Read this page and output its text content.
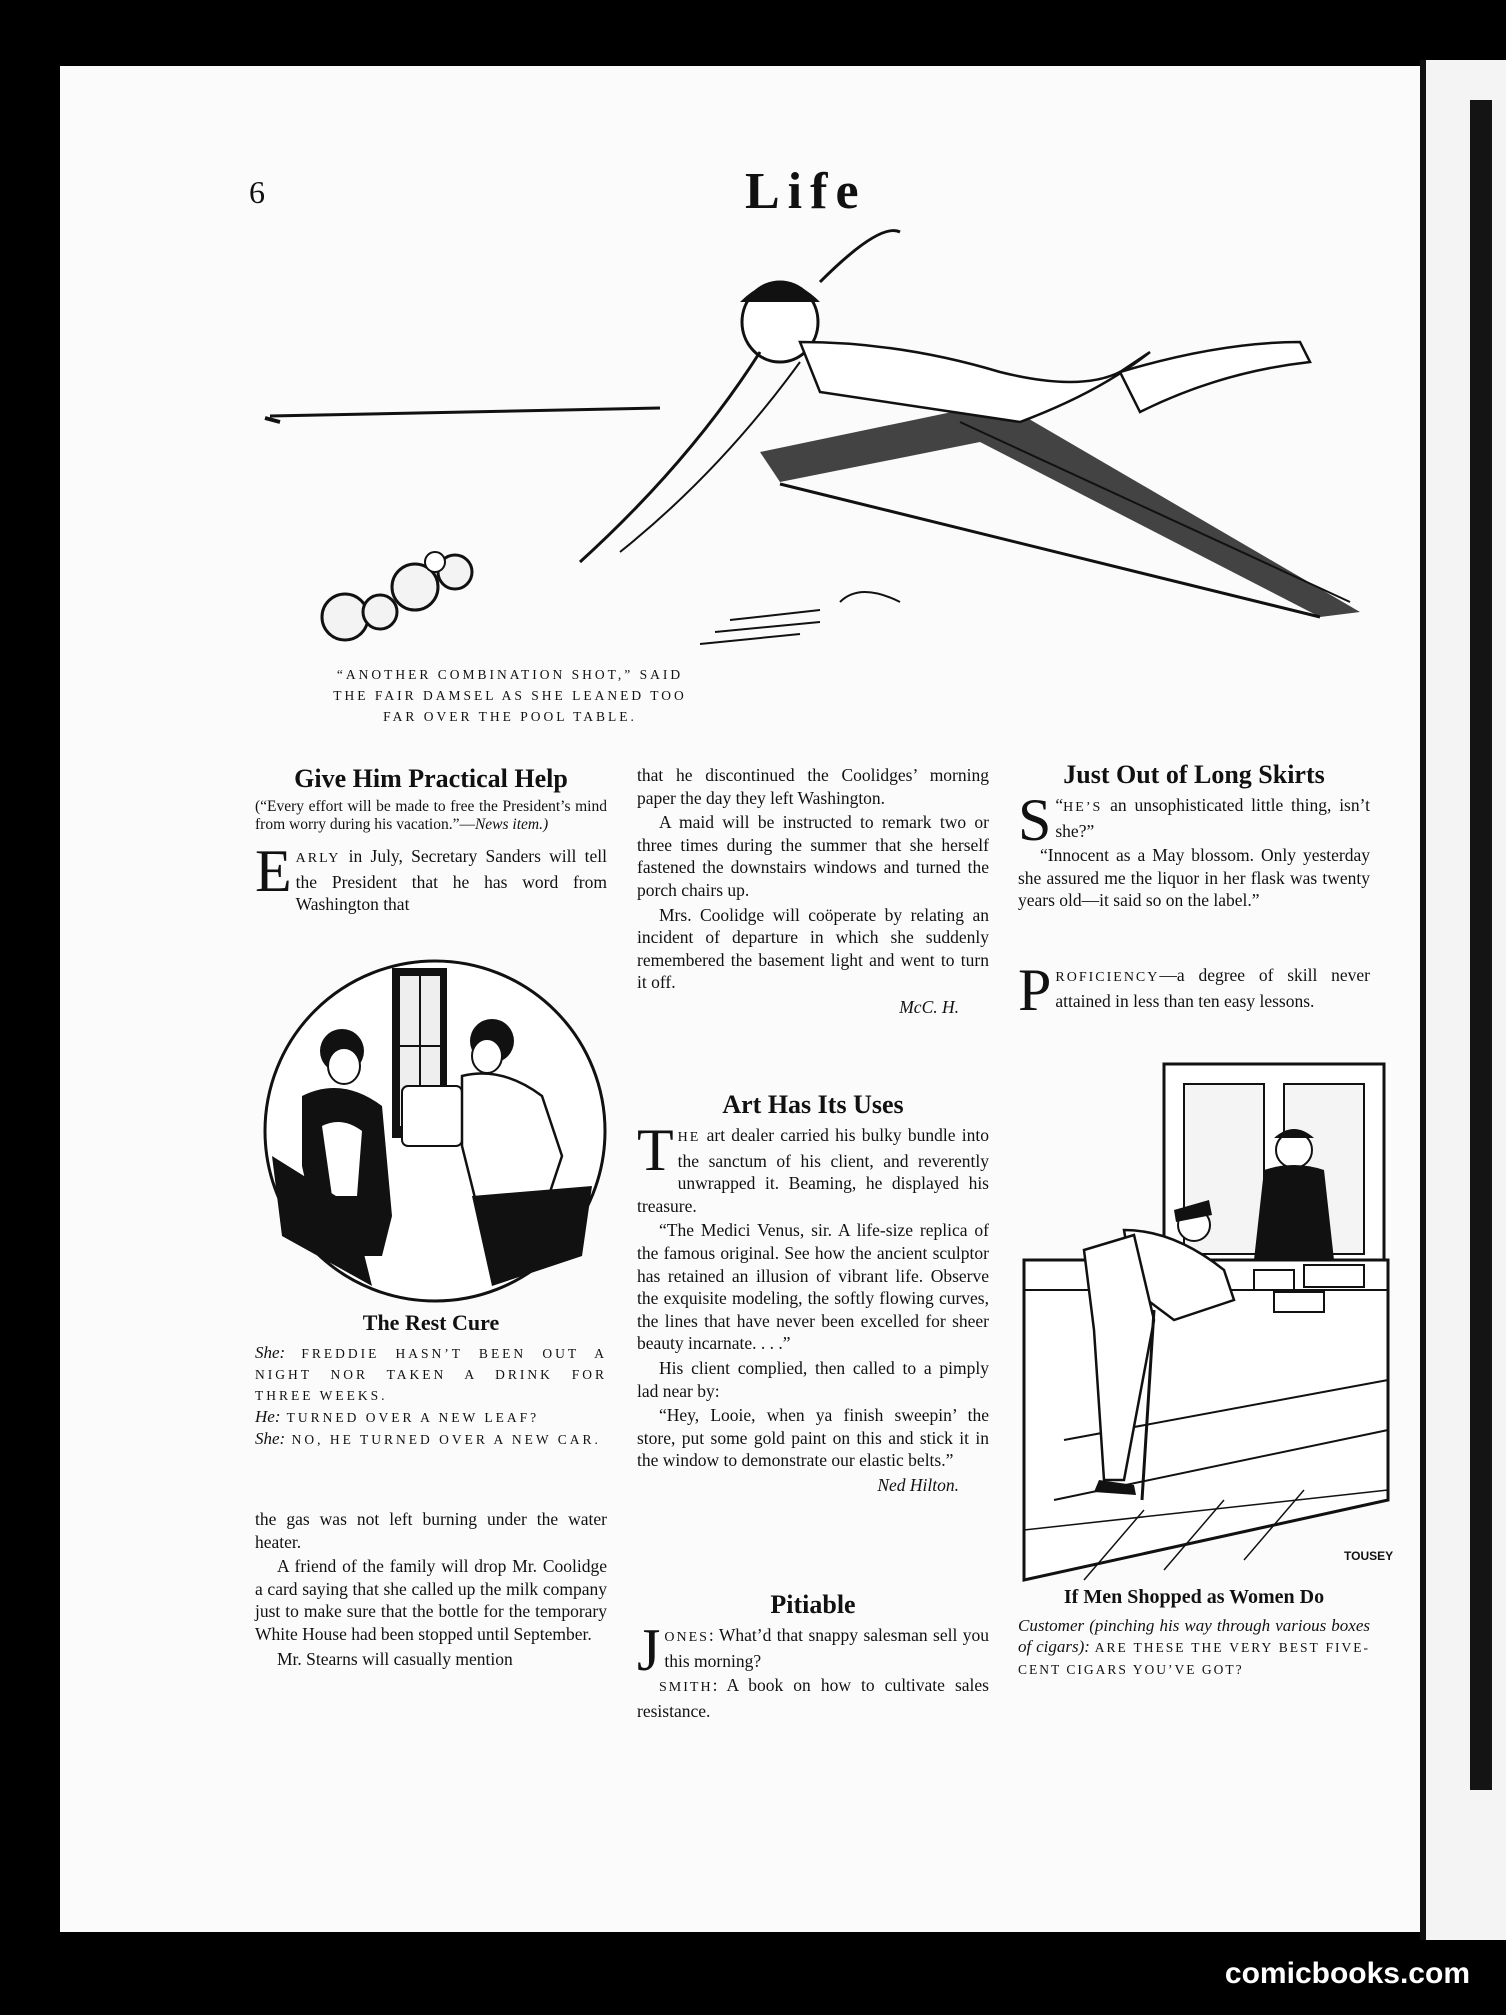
6	Life
“ANOTHER COMBINATION SHOT,” SAID
THE FAIR DAMSEL AS SHE LEANED TOO
FAR OVER THE POOL TABLE.
Give Him Practical Help
(“Every effort will be made to free the President’s mind from worry during his vacation.”—News item.)

EARLY in July, Secretary Sanders will tell the President that he has word from Washington that

The Rest Cure
She: FREDDIE HASN’T BEEN OUT A NIGHT NOR TAKEN A DRINK FOR THREE WEEKS.
He: TURNED OVER A NEW LEAF?
She: NO, HE TURNED OVER A NEW CAR.

the gas was not left burning under the water heater.

A friend of the family will drop Mr. Coolidge a card saying that she called up the milk company just to make sure that the bottle for the temporary White House had been stopped until September.

Mr. Stearns will casually mention

that he discontinued the Coolidges’ morning paper the day they left Washington.

A maid will be instructed to remark two or three times during the summer that she herself fastened the downstairs windows and turned the porch chairs up.

Mrs. Coolidge will coöperate by relating an incident of departure in which she suddenly remembered the basement light and went to turn it off.

McC. H.
Art Has Its Uses

THE art dealer carried his bulky bundle into the sanctum of his client, and reverently unwrapped it. Beaming, he displayed his treasure.

“The Medici Venus, sir. A life-size replica of the famous original. See how the ancient sculptor has retained an illusion of vibrant life. Observe the exquisite modeling, the softly flowing curves, the lines that have never been excelled for sheer beauty incarnate. . . .”

His client complied, then called to a pimply lad near by:

“Hey, Looie, when ya finish sweepin’ the store, put some gold paint on this and stick it in the window to demonstrate our elastic belts.”

Ned Hilton.
Pitiable

JONES: What’d that snappy salesman sell you this morning?

SMITH: A book on how to cultivate sales resistance.

Just Out of Long Skirts

“
S HE’S an unsophisticated little thing, isn’t she?”

“Innocent as a May blossom. Only yesterday she assured me the liquor in her flask was twenty years old—it said so on the label.”

PROFICIENCY—a degree of skill never attained in less than ten easy lessons.

TOUSEY
If Men Shopped as Women Do
Customer (pinching his way through various boxes of cigars): ARE THESE THE VERY BEST FIVE-CENT CIGARS YOU’VE GOT?
comicbooks.com
